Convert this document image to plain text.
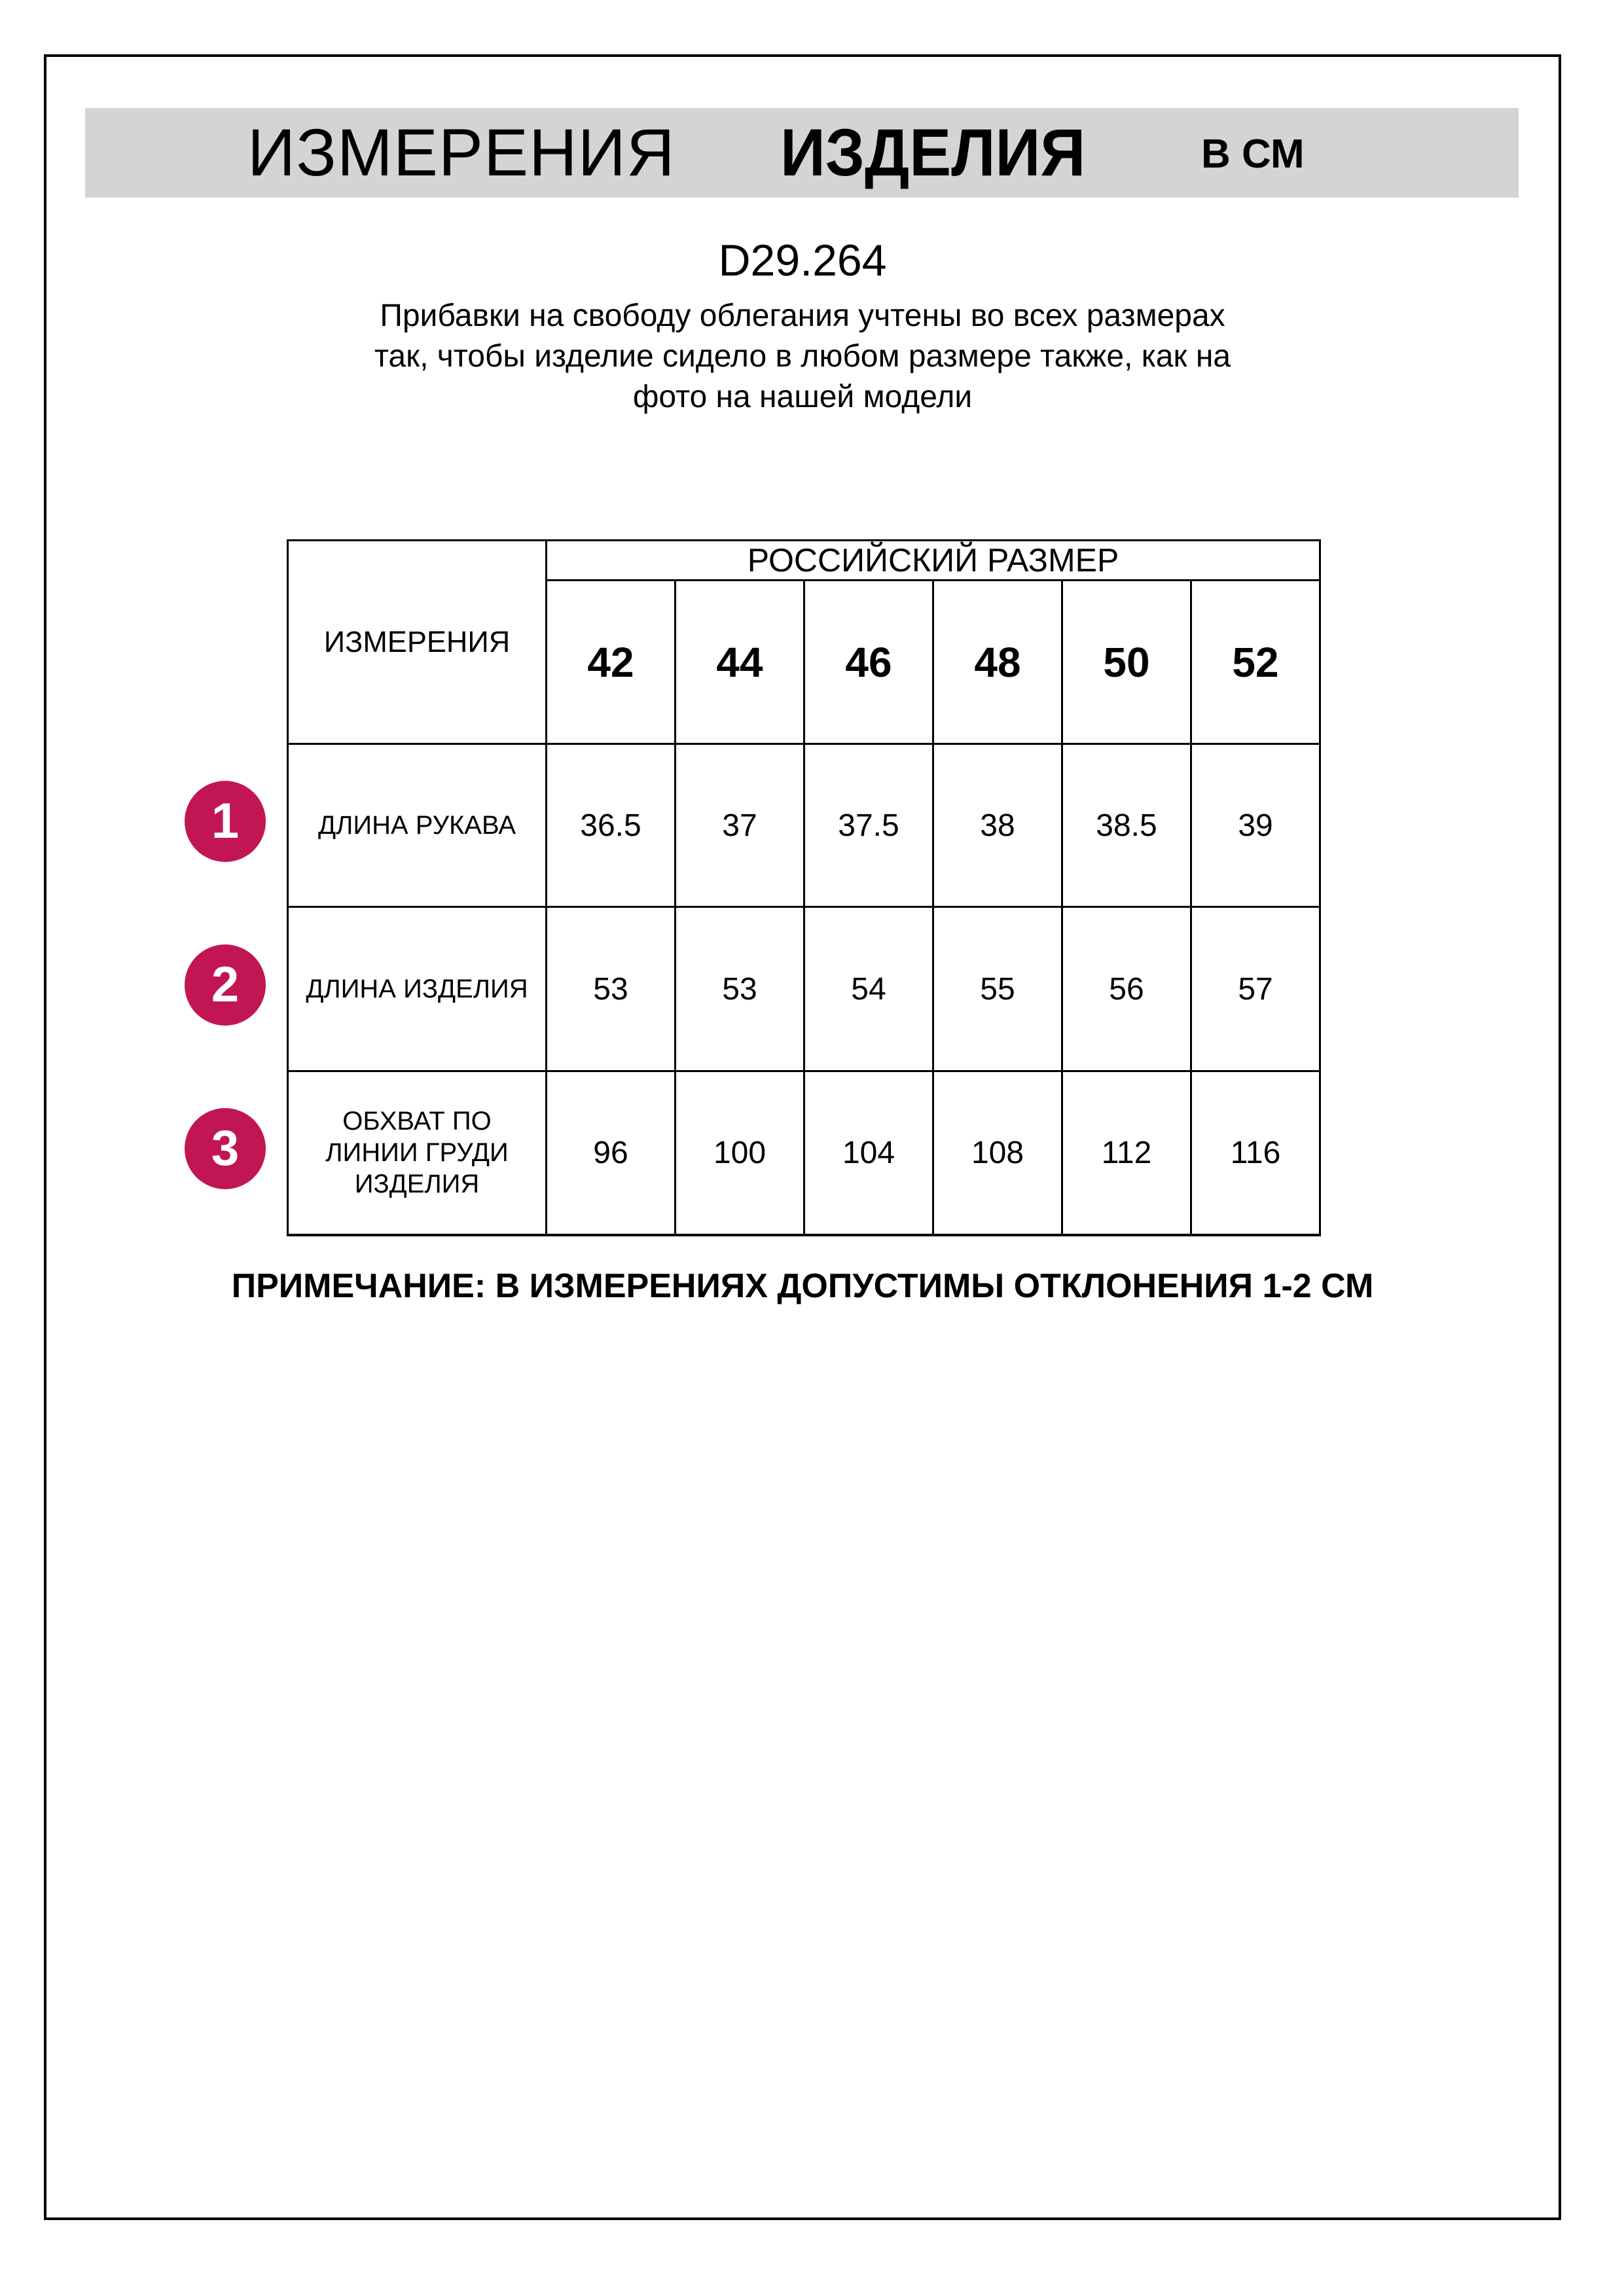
ИЗМЕРЕНИЯ ИЗДЕЛИЯ	В СМ
D29.264
Прибавки на свободу облегания учтены во всех размерах
так, чтобы изделие сидело в любом размере также, как на
фото на нашей модели
ИЗМЕРЕНИЯ	РОССИЙСКИЙ РАЗМЕР					
	42	44	46	48	50	52
ДЛИНА РУКАВА	36.5	37	37.5	38	38.5	39
ДЛИНА ИЗДЕЛИЯ	53	53	54	55	56	57
ОБХВАТ ПО ЛИНИИ ГРУДИ ИЗДЕЛИЯ	96	100	104	108	112	116
1
2
3
ПРИМЕЧАНИЕ: В ИЗМЕРЕНИЯХ ДОПУСТИМЫ ОТКЛОНЕНИЯ 1-2 СМ
